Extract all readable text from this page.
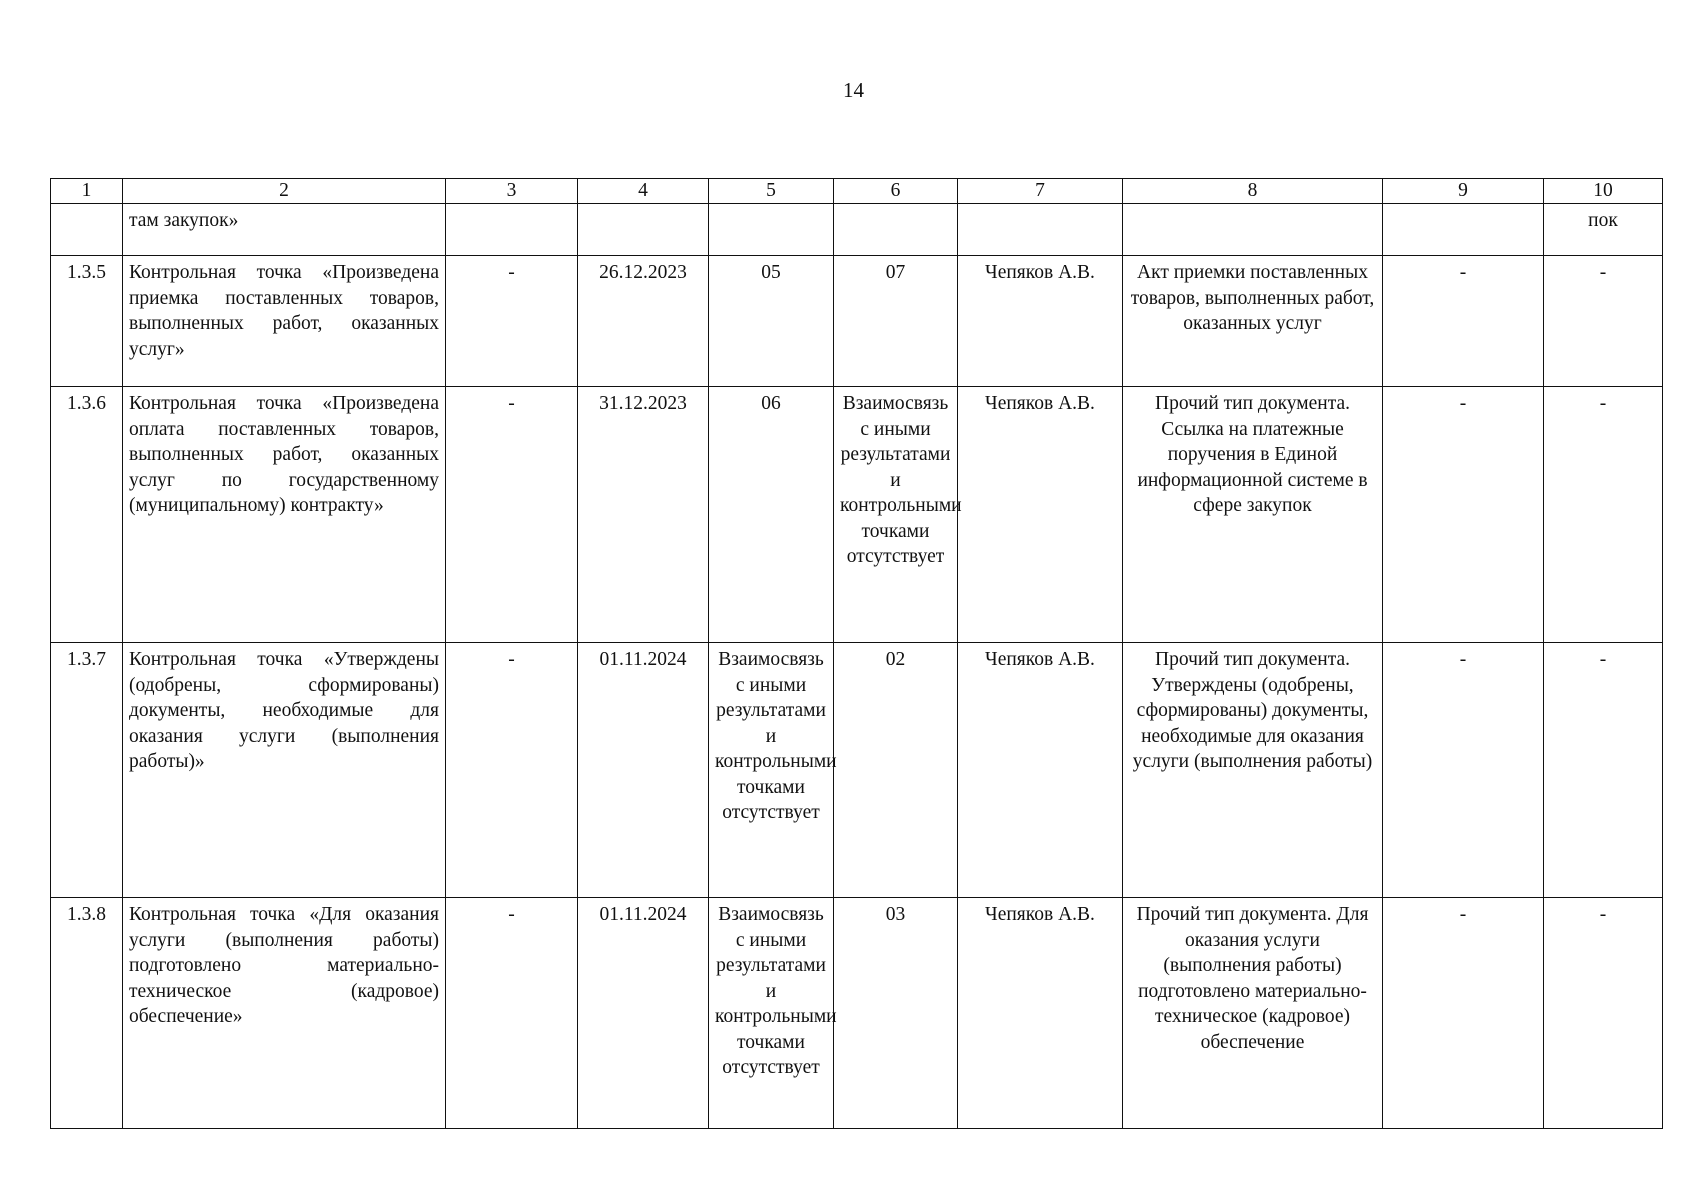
14
1	2	3	4	5	6	7	8	9	10
	там закупок»								пок
1.3.5	Контрольная точка «Произведена приемка поставленных товаров, выполненных работ, оказанных услуг»	-	26.12.2023	05	07	Чепяков А.В.	Акт приемки поставленных товаров, выполненных работ, оказанных услуг	-	-
1.3.6	Контрольная точка «Произведена оплата поставленных товаров, выполненных работ, оказанных услуг по государственному (муниципальному) контракту»	-	31.12.2023	06	Взаимосвязь с иными результатами и контрольными точками отсутствует	Чепяков А.В.	Прочий тип документа. Ссылка на платежные поручения в Единой информационной системе в сфере закупок	-	-
1.3.7	Контрольная точка «Утверждены (одобрены, сформированы) документы, необходимые для оказания услуги (выполнения работы)»	-	01.11.2024	Взаимосвязь с иными результатами и контрольными точками отсутствует	02	Чепяков А.В.	Прочий тип документа. Утверждены (одобрены, сформированы) документы, необходимые для оказания услуги (выполнения работы)	-	-
1.3.8	Контрольная точка «Для оказания услуги (выполнения работы) подготовлено материально-техническое (кадровое) обеспечение»	-	01.11.2024	Взаимосвязь с иными результатами и контрольными точками отсутствует	03	Чепяков А.В.	Прочий тип документа. Для оказания услуги (выполнения работы) подготовлено материально-техническое (кадровое) обеспечение	-	-
